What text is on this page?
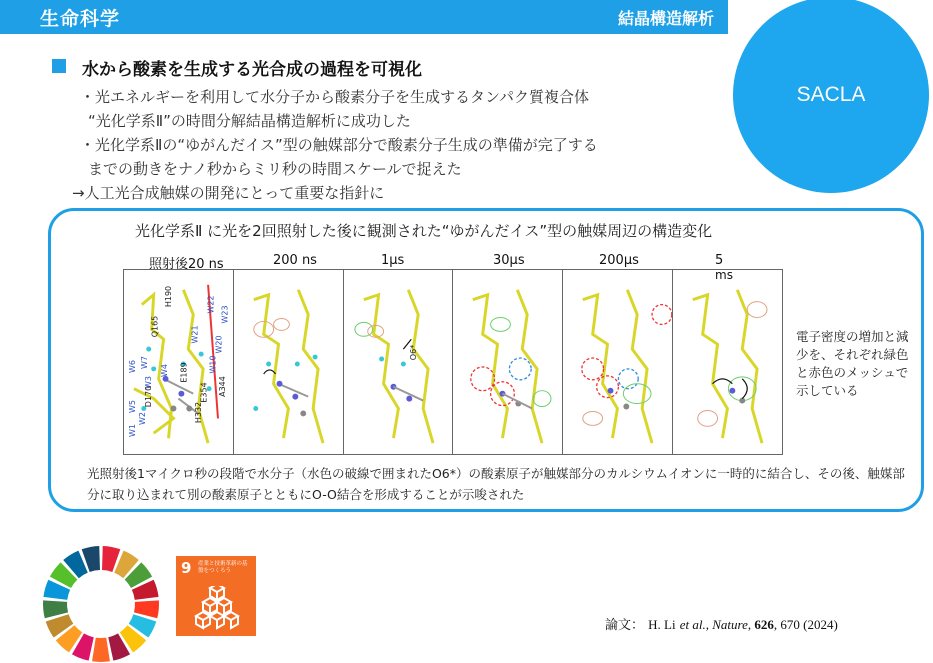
生命科学	結晶構造解析
SACLA
水から酸素を生成する光合成の過程を可視化
・光エネルギーを利用して水分子から酸素分子を生成するタンパク質複合体
“光化学系Ⅱ”の時間分解結晶構造解析に成功した
・光化学系Ⅱの“ゆがんだイス”型の触媒部分で酸素分子生成の準備が完了する
までの動きをナノ秒からミリ秒の時間スケールで捉えた
→人工光合成触媒の開発にとって重要な指針に
光化学系Ⅱ に光を2回照射した後に観測された“ゆがんだイス”型の触媒周辺の構造変化
照射後20 ns	200 ns	1μs	30μs	200μs	5
ms
H190	W22
W23
Q165	W21
W20
W10
E189
W6 W7
W3
W4
W5
W2
W1
D170	E354 A344
H332
O6*
電子密度の増加と減少を、それぞれ緑色と赤色のメッシュで示している
光照射後1マイクロ秒の段階で水分子（水色の破線で囲まれたO6*）の酸素原子が触媒部分のカルシウムイオンに一時的に結合し、その後、触媒部分に取り込まれて別の酸素原子とともにO-O結合を形成することが示唆された
9 産業と技術革新の基盤をつくろう
論文： H. Li et al., Nature, 626, 670 (2024)
